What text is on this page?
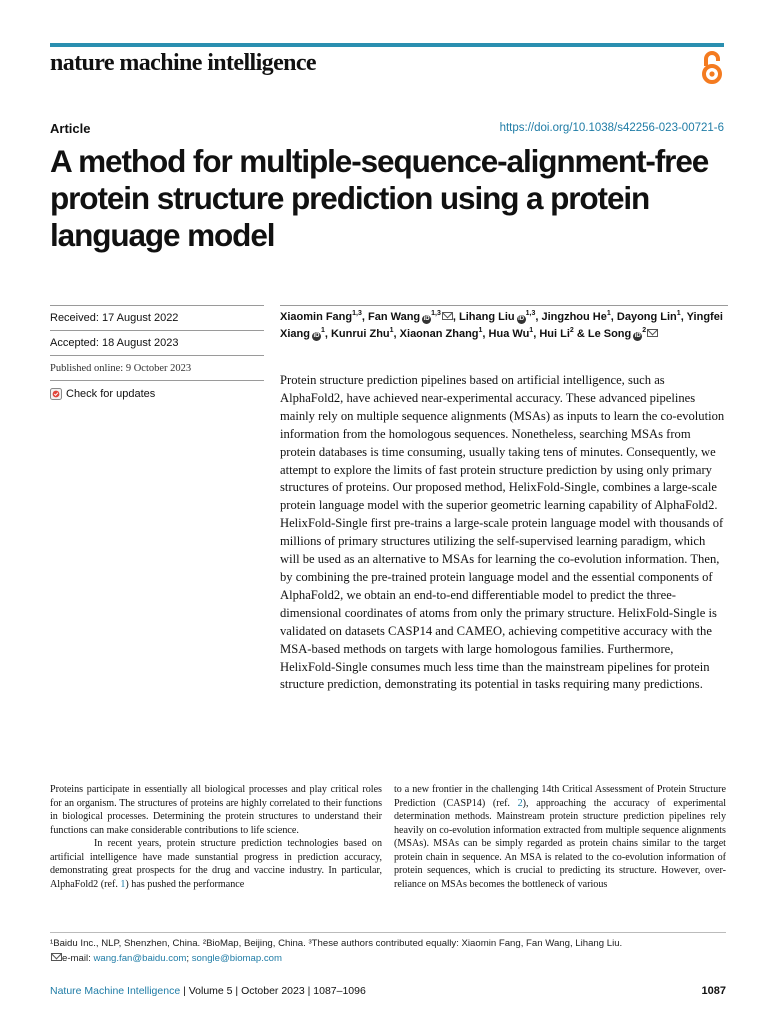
nature machine intelligence
Article	https://doi.org/10.1038/s42256-023-00721-6
A method for multiple-sequence-alignment-free protein structure prediction using a protein language model
Received: 17 August 2022
Accepted: 18 August 2023
Published online: 9 October 2023
Check for updates
Xiaomin Fang$^{1,3}$, Fan Wang iD$^{1,3}$ , Lihang Liu iD$^{1,3}$, Jingzhou He$^1$, Dayong Lin$^1$, Yingfei Xiang $iD^1$, Kunrui Zhu$^1$, Xiaonan Zhang$^1$, Hua Wu$^1$, Hui Li$^2$ & Le Song $iD^2$
Protein structure prediction pipelines based on artificial intelligence, such as AlphaFold2, have achieved near-experimental accuracy. These advanced pipelines mainly rely on multiple sequence alignments (MSAs) as inputs to learn the co-evolution information from the homologous sequences. Nonetheless, searching MSAs from protein databases is time consuming, usually taking tens of minutes. Consequently, we attempt to explore the limits of fast protein structure prediction by using only primary structures of proteins. Our proposed method, HelixFold-Single, combines a large-scale protein language model with the superior geometric learning capability of AlphaFold2. HelixFold-Single first pre-trains a large-scale protein language model with thousands of millions of primary structures utilizing the self-supervised learning paradigm, which will be used as an alternative to MSAs for learning the co-evolution information. Then, by combining the pre-trained protein language model and the essential components of AlphaFold2, we obtain an end-to-end differentiable model to predict the three-dimensional coordinates of atoms from only the primary structure. HelixFold-Single is validated on datasets CASP14 and CAMEO, achieving competitive accuracy with the MSA-based methods on targets with large homologous families. Furthermore, HelixFold-Single consumes much less time than the mainstream pipelines for protein structure prediction, demonstrating its potential in tasks requiring many predictions.

Proteins participate in essentially all biological processes and play critical roles for an organism. The structures of proteins are highly correlated to their functions in biological processes. Determining the protein structures to understand their functions can make considerable contributions to life science.

In recent years, protein structure prediction technologies based on artificial intelligence have made sunstantial progress in prediction accuracy, demonstrating great prospects for the drug and vaccine industry. In particular, AlphaFold2 (ref. 1) has pushed the performance

to a new frontier in the challenging 14th Critical Assessment of Protein Structure Prediction (CASP14) (ref. 2), approaching the accuracy of experimental determination methods. Mainstream protein structure prediction pipelines rely heavily on co-evolution information extracted from multiple sequence alignments (MSAs). MSAs can be simply regarded as protein chains similar to the target protein chain in sequence. An MSA is related to the co-evolution information of protein sequences, which is crucial to predicting its structure. However, over-reliance on MSAs becomes the bottleneck of various

¹Baidu Inc., NLP, Shenzhen, China. ²BioMap, Beijing, China. ³These authors contributed equally: Xiaomin Fang, Fan Wang, Lihang Liu.
e-mail: wang.fan@baidu.com; songle@biomap.com
Nature Machine Intelligence | Volume 5 | October 2023 | 1087–1096	1087
